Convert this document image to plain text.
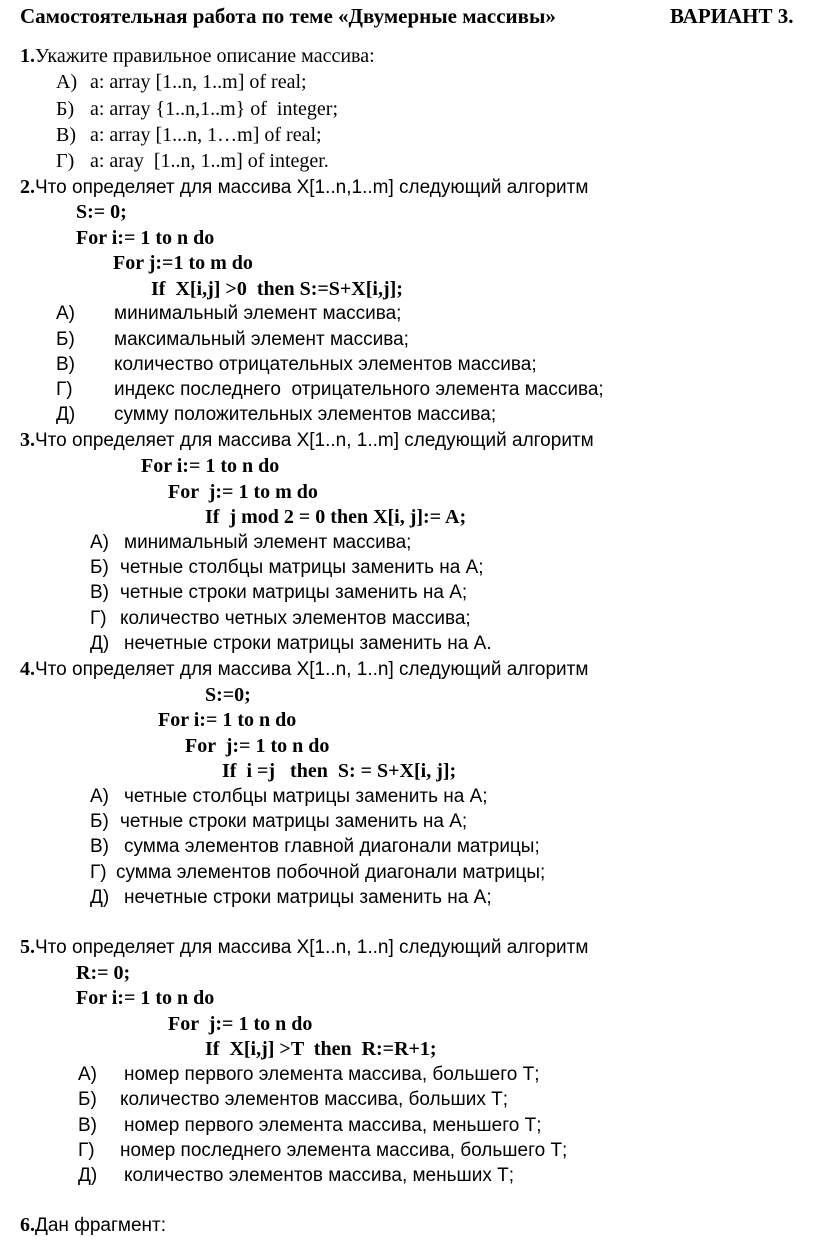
Самостоятельная работа по теме «Двумерные массивы»	ВАРИАНТ 3.
1.Укажите правильное описание массива:
А) a: array [1..n, 1..m] of real;
Б) a: array {1..n,1..m} of  integer;
В) a: array [1...n, 1…m] of real;
Г) a: aray  [1..n, 1..m] of integer.
2.Что определяет для массива X[1..n,1..m] следующий алгоритм
S:= 0;
For i:= 1 to n do
For j:=1 to m do
If  X[i,j] >0  then S:=S+X[i,j];
А) минимальный элемент массива;
Б) максимальный элемент массива;
В) количество отрицательных элементов массива;
Г) индекс последнего  отрицательного элемента массива;
Д) сумму положительных элементов массива;
3.Что определяет для массива X[1..n, 1..m] следующий алгоритм
For i:= 1 to n do
For  j:= 1 to m do
If  j mod 2 = 0 then X[i, j]:= A;
А) минимальный элемент массива;
Б) четные столбцы матрицы заменить на А;
В) четные строки матрицы заменить на А;
Г) количество четных элементов массива;
Д) нечетные строки матрицы заменить на А.
4.Что определяет для массива X[1..n, 1..n] следующий алгоритм
S:=0;
For i:= 1 to n do
For  j:= 1 to n do
If  i =j   then  S: = S+X[i, j];
А) четные столбцы матрицы заменить на А;
Б) четные строки матрицы заменить на А;
В) сумма элементов главной диагонали матрицы;
Г) сумма элементов побочной диагонали матрицы;
Д) нечетные строки матрицы заменить на А;
5.Что определяет для массива X[1..n, 1..n] следующий алгоритм
R:= 0;
For i:= 1 to n do
For  j:= 1 to n do
If  X[i,j] >T  then  R:=R+1;
А) номер первого элемента массива, большего Т;
Б) количество элементов массива, больших Т;
В) номер первого элемента массива, меньшего Т;
Г) номер последнего элемента массива, большего Т;
Д) количество элементов массива, меньших Т;
6.Дан фрагмент:
